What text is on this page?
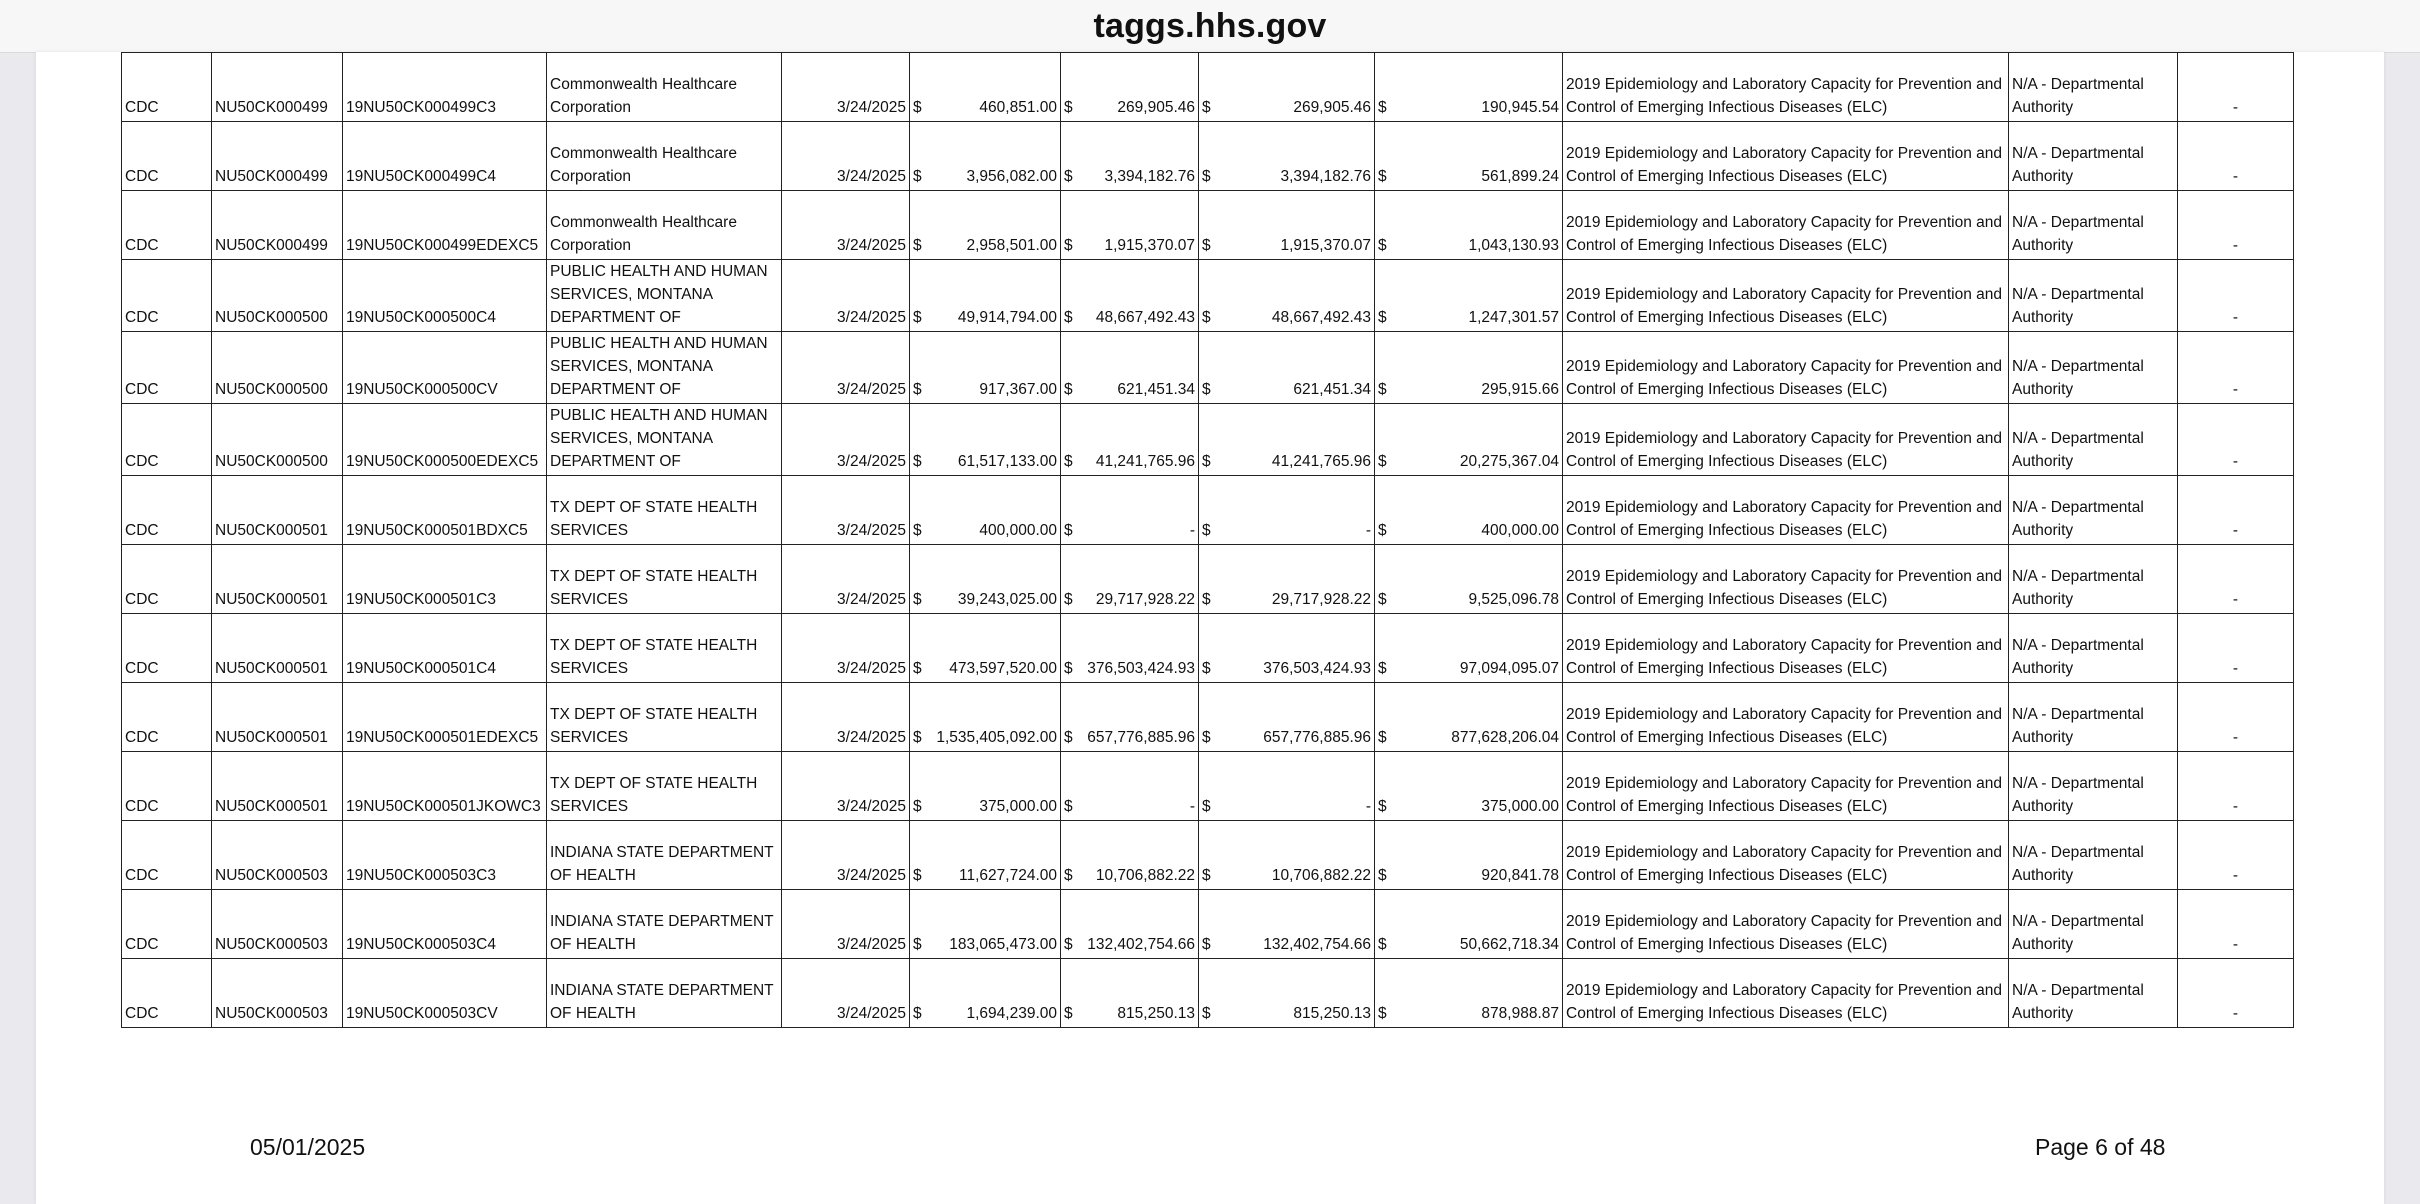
taggs.hhs.gov
CDC	NU50CK000499	19NU50CK000499C3	Commonwealth Healthcare Corporation	3/24/2025	$ 460,851.00	$ 269,905.46	$ 269,905.46	$ 190,945.54	2019 Epidemiology and Laboratory Capacity for Prevention and Control of Emerging Infectious Diseases (ELC)	N/A - Departmental Authority	-
CDC	NU50CK000499	19NU50CK000499C4	Commonwealth Healthcare Corporation	3/24/2025	$ 3,956,082.00	$ 3,394,182.76	$ 3,394,182.76	$ 561,899.24	2019 Epidemiology and Laboratory Capacity for Prevention and Control of Emerging Infectious Diseases (ELC)	N/A - Departmental Authority	-
CDC	NU50CK000499	19NU50CK000499EDEXC5	Commonwealth Healthcare Corporation	3/24/2025	$ 2,958,501.00	$ 1,915,370.07	$ 1,915,370.07	$ 1,043,130.93	2019 Epidemiology and Laboratory Capacity for Prevention and Control of Emerging Infectious Diseases (ELC)	N/A - Departmental Authority	-
CDC	NU50CK000500	19NU50CK000500C4	PUBLIC HEALTH AND HUMAN SERVICES, MONTANA DEPARTMENT OF	3/24/2025	$ 49,914,794.00	$ 48,667,492.43	$ 48,667,492.43	$ 1,247,301.57	2019 Epidemiology and Laboratory Capacity for Prevention and Control of Emerging Infectious Diseases (ELC)	N/A - Departmental Authority	-
CDC	NU50CK000500	19NU50CK000500CV	PUBLIC HEALTH AND HUMAN SERVICES, MONTANA DEPARTMENT OF	3/24/2025	$ 917,367.00	$ 621,451.34	$ 621,451.34	$ 295,915.66	2019 Epidemiology and Laboratory Capacity for Prevention and Control of Emerging Infectious Diseases (ELC)	N/A - Departmental Authority	-
CDC	NU50CK000500	19NU50CK000500EDEXC5	PUBLIC HEALTH AND HUMAN SERVICES, MONTANA DEPARTMENT OF	3/24/2025	$ 61,517,133.00	$ 41,241,765.96	$ 41,241,765.96	$ 20,275,367.04	2019 Epidemiology and Laboratory Capacity for Prevention and Control of Emerging Infectious Diseases (ELC)	N/A - Departmental Authority	-
CDC	NU50CK000501	19NU50CK000501BDXC5	TX DEPT OF STATE HEALTH SERVICES	3/24/2025	$ 400,000.00	$ -	$ -	$ 400,000.00	2019 Epidemiology and Laboratory Capacity for Prevention and Control of Emerging Infectious Diseases (ELC)	N/A - Departmental Authority	-
CDC	NU50CK000501	19NU50CK000501C3	TX DEPT OF STATE HEALTH SERVICES	3/24/2025	$ 39,243,025.00	$ 29,717,928.22	$ 29,717,928.22	$ 9,525,096.78	2019 Epidemiology and Laboratory Capacity for Prevention and Control of Emerging Infectious Diseases (ELC)	N/A - Departmental Authority	-
CDC	NU50CK000501	19NU50CK000501C4	TX DEPT OF STATE HEALTH SERVICES	3/24/2025	$ 473,597,520.00	$ 376,503,424.93	$ 376,503,424.93	$ 97,094,095.07	2019 Epidemiology and Laboratory Capacity for Prevention and Control of Emerging Infectious Diseases (ELC)	N/A - Departmental Authority	-
CDC	NU50CK000501	19NU50CK000501EDEXC5	TX DEPT OF STATE HEALTH SERVICES	3/24/2025	$ 1,535,405,092.00	$ 657,776,885.96	$ 657,776,885.96	$ 877,628,206.04	2019 Epidemiology and Laboratory Capacity for Prevention and Control of Emerging Infectious Diseases (ELC)	N/A - Departmental Authority	-
CDC	NU50CK000501	19NU50CK000501JKOWC3	TX DEPT OF STATE HEALTH SERVICES	3/24/2025	$ 375,000.00	$ -	$ -	$ 375,000.00	2019 Epidemiology and Laboratory Capacity for Prevention and Control of Emerging Infectious Diseases (ELC)	N/A - Departmental Authority	-
CDC	NU50CK000503	19NU50CK000503C3	INDIANA STATE DEPARTMENT OF HEALTH	3/24/2025	$ 11,627,724.00	$ 10,706,882.22	$ 10,706,882.22	$ 920,841.78	2019 Epidemiology and Laboratory Capacity for Prevention and Control of Emerging Infectious Diseases (ELC)	N/A - Departmental Authority	-
CDC	NU50CK000503	19NU50CK000503C4	INDIANA STATE DEPARTMENT OF HEALTH	3/24/2025	$ 183,065,473.00	$ 132,402,754.66	$ 132,402,754.66	$ 50,662,718.34	2019 Epidemiology and Laboratory Capacity for Prevention and Control of Emerging Infectious Diseases (ELC)	N/A - Departmental Authority	-
CDC	NU50CK000503	19NU50CK000503CV	INDIANA STATE DEPARTMENT OF HEALTH	3/24/2025	$ 1,694,239.00	$ 815,250.13	$ 815,250.13	$ 878,988.87	2019 Epidemiology and Laboratory Capacity for Prevention and Control of Emerging Infectious Diseases (ELC)	N/A - Departmental Authority	-
05/01/2025	Page 6 of 48
